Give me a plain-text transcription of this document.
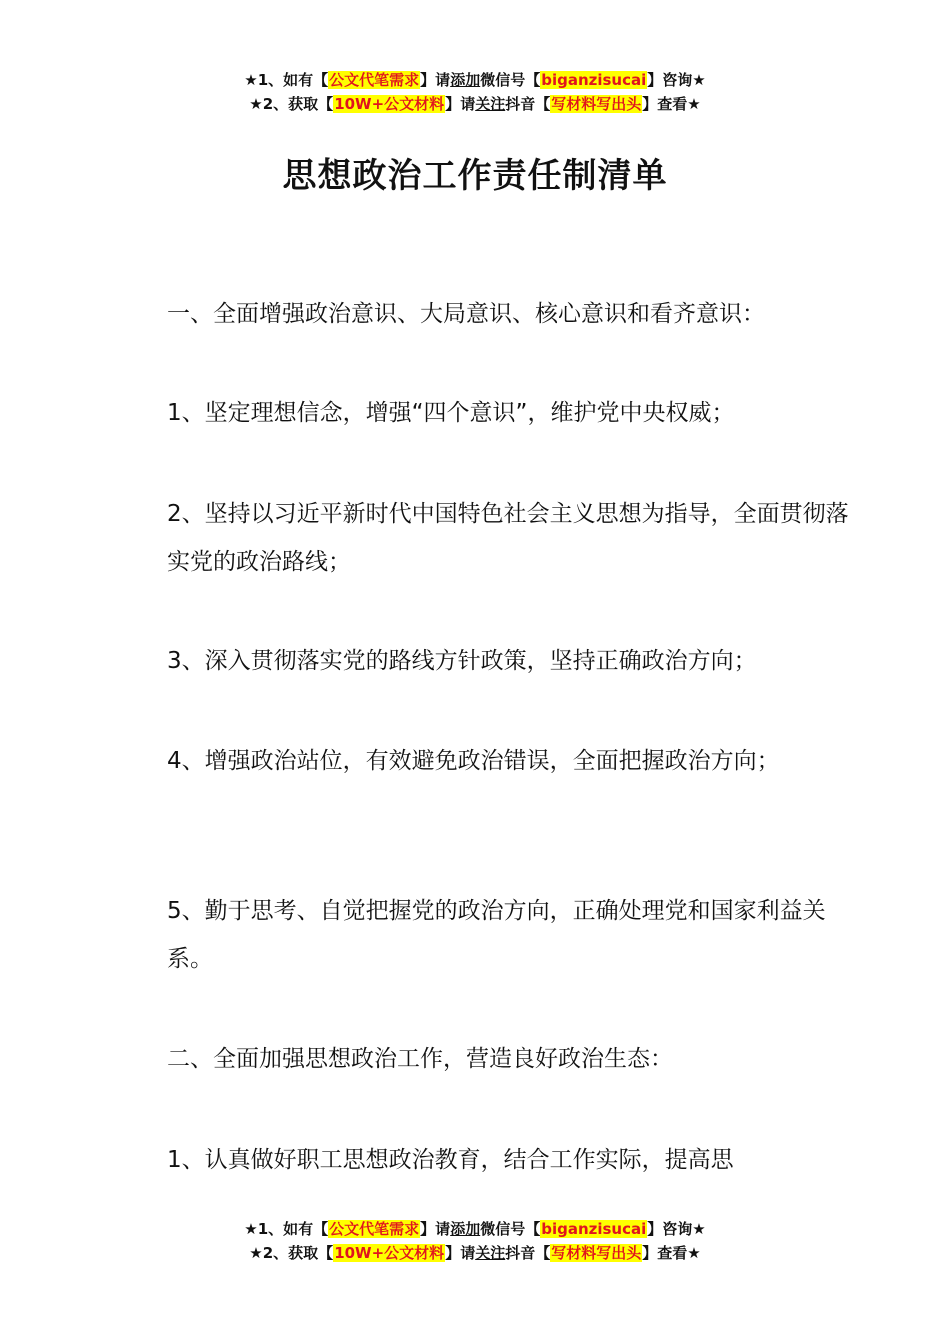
★1、如有【公文代笔需求】请添加微信号【biganzisucai】咨询★
★2、获取【10W+公文材料】请关注抖音【写材料写出头】查看★
思想政治工作责任制清单
一、全面增强政治意识、大局意识、核心意识和看齐意识：
1、坚定理想信念，增强“四个意识”，维护党中央权威；
2、坚持以习近平新时代中国特色社会主义思想为指导，全面贯彻落实党的政治路线；
3、深入贯彻落实党的路线方针政策，坚持正确政治方向；
4、增强政治站位，有效避免政治错误，全面把握政治方向；
5、勤于思考、自觉把握党的政治方向，正确处理党和国家利益关系。
二、全面加强思想政治工作，营造良好政治生态：
1、认真做好职工思想政治教育，结合工作实际，提高思
★1、如有【公文代笔需求】请添加微信号【biganzisucai】咨询★
★2、获取【10W+公文材料】请关注抖音【写材料写出头】查看★
